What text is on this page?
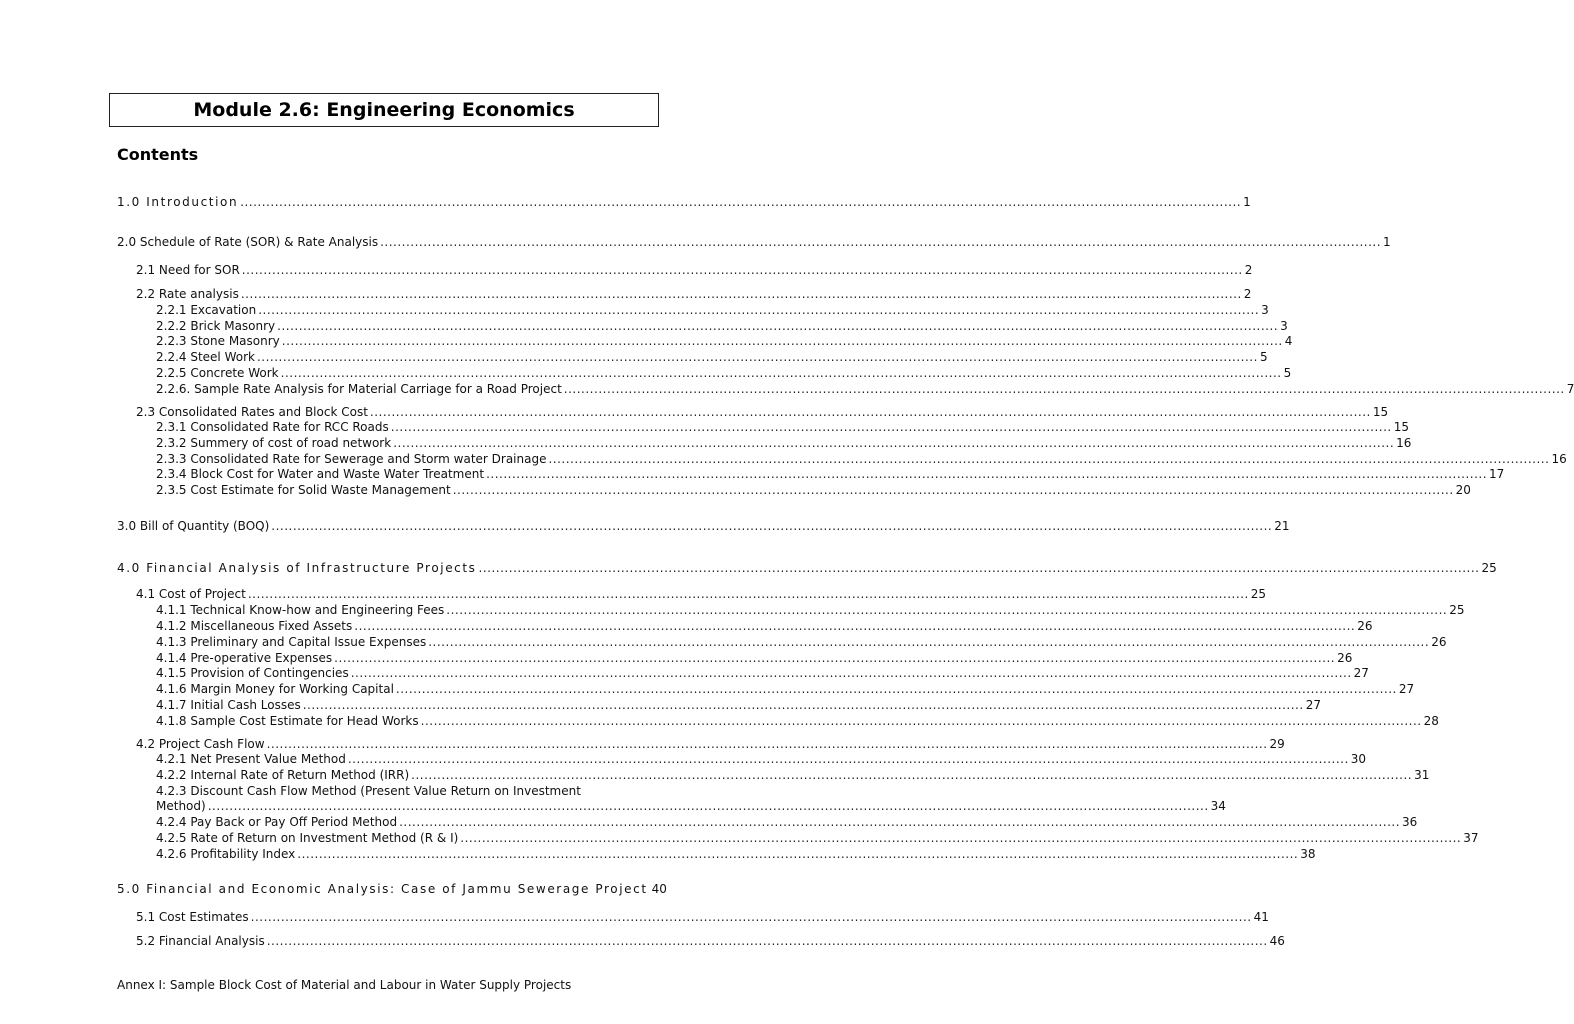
Module 2.6: Engineering Economics
Contents
1.0 Introduction .....	1
2.0 Schedule of Rate (SOR) & Rate Analysis .....	1
2.1 Need for SOR .....	2
2.2 Rate analysis .....	2
2.2.1 Excavation .....	3
2.2.2 Brick Masonry .....	3
2.2.3 Stone Masonry .....	4
2.2.4 Steel Work .....	5
2.2.5 Concrete Work .....	5
2.2.6. Sample Rate Analysis for Material Carriage for a Road Project .....	7
2.3 Consolidated Rates and Block Cost .....	15
2.3.1 Consolidated Rate for RCC Roads .....	15
2.3.2 Summery of cost of road network .....	16
2.3.3 Consolidated Rate for Sewerage and Storm water Drainage .....	16
2.3.4 Block Cost for Water and Waste Water Treatment .....	17
2.3.5 Cost Estimate for Solid Waste Management .....	20
3.0 Bill of Quantity (BOQ) .....	21
4.0 Financial Analysis of Infrastructure Projects .....	25
4.1 Cost of Project .....	25
4.1.1 Technical Know-how and Engineering Fees .....	25
4.1.2 Miscellaneous Fixed Assets .....	26
4.1.3 Preliminary and Capital Issue Expenses .....	26
4.1.4 Pre-operative Expenses .....	26
4.1.5 Provision of Contingencies .....	27
4.1.6 Margin Money for Working Capital .....	27
4.1.7 Initial Cash Losses .....	27
4.1.8 Sample Cost Estimate for Head Works .....	28
4.2 Project Cash Flow .....	29
4.2.1 Net Present Value Method .....	30
4.2.2 Internal Rate of Return Method (IRR) .....	31
4.2.3 Discount Cash Flow Method (Present Value Return on Investment
Method) .....	34
4.2.4 Pay Back or Pay Off Period Method .....	36
4.2.5 Rate of Return on Investment Method (R & I) .....	37
4.2.6 Profitability Index .....	38
5.0 Financial and Economic Analysis: Case of Jammu Sewerage Project 40
5.1 Cost Estimates .....	41
5.2 Financial Analysis .....	46
Annex I: Sample Block Cost of Material and Labour in Water Supply Projects
